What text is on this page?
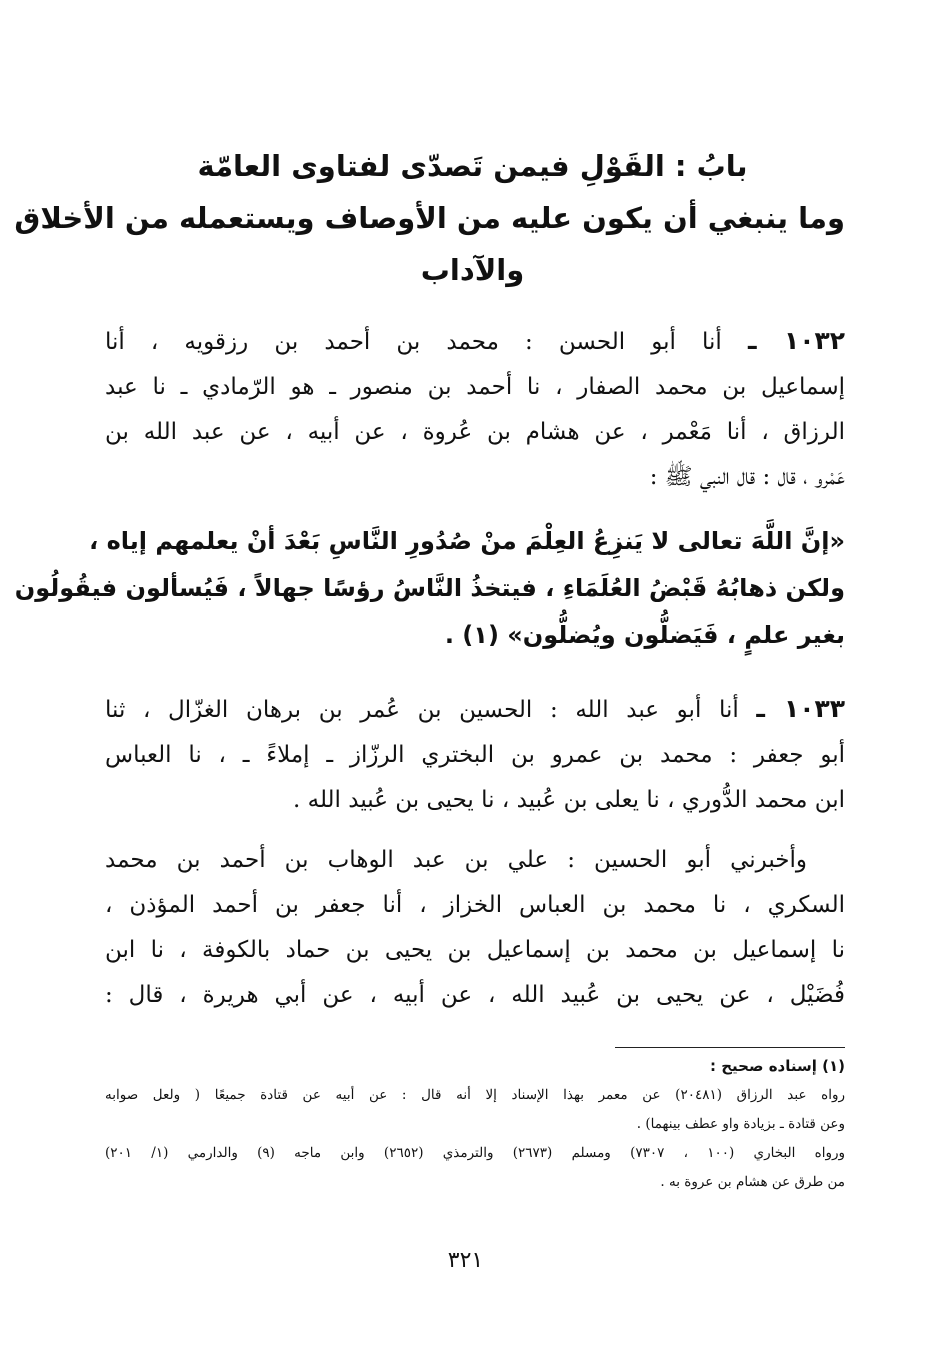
بابُ : القَوْلِ فيمن تَصدّى لفتاوى العامّة
وما ينبغي أن يكون عليه من الأوصاف ويستعمله من الأخلاق
والآداب
١٠٣٢ ـ أنا أبو الحسن : محمد بن أحمد بن رزقويه ، أنا
إسماعيل بن محمد الصفار ، نا أحمد بن منصور ـ هو الرّمادي ـ نا عبد
الرزاق ، أنا مَعْمر ، عن هشام بن عُروة ، عن أبيه ، عن عبد الله بن
عَمْرو ، قال : قال النبي ﷺ :
«إنَّ اللَّهَ تعالى لا يَنزِعُ العِلْمَ منْ صُدُورِ النَّاسِ بَعْدَ أنْ يعلمهم إياه ،
ولكن ذهابُهُ قَبْضُ العُلَمَاءِ ، فيتخذُ النَّاسُ رؤسًا جهالاً ، فَيُسألون فيقُولُون
بغير علمٍ ، فَيَضلُّون ويُضلُّون» (١) .
١٠٣٣ ـ أنا أبو عبد الله : الحسين بن عُمر بن برهان الغزّال ، ثنا
أبو جعفر : محمد بن عمرو بن البختري الرزّاز ـ إملاءً ـ ، نا العباس
ابن محمد الدُّوري ، نا يعلى بن عُبيد ، نا يحيى بن عُبيد الله .
وأخبرني أبو الحسين : علي بن عبد الوهاب بن أحمد بن محمد
السكري ، نا محمد بن العباس الخزاز ، أنا جعفر بن أحمد المؤذن ،
نا إسماعيل بن محمد بن إسماعيل بن يحيى بن حماد بالكوفة ، نا ابن
فُضَيْل ، عن يحيى بن عُبيد الله ، عن أبيه ، عن أبي هريرة ، قال :
(١) إسناده صحيح :
رواه عبد الرزاق (٢٠٤٨١) عن معمر بهذا الإسناد إلا أنه قال : عن أبيه عن قتادة جميعًا ( ولعل صوابه
وعن قتادة ـ بزيادة واو عطف بينهما) .
ورواه البخاري (١٠٠ ، ٧٣٠٧) ومسلم (٢٦٧٣) والترمذي (٢٦٥٢) وابن ماجه (٩) والدارمي (١/ ٢٠١)
من طرق عن هشام بن عروة به .
٣٢١
